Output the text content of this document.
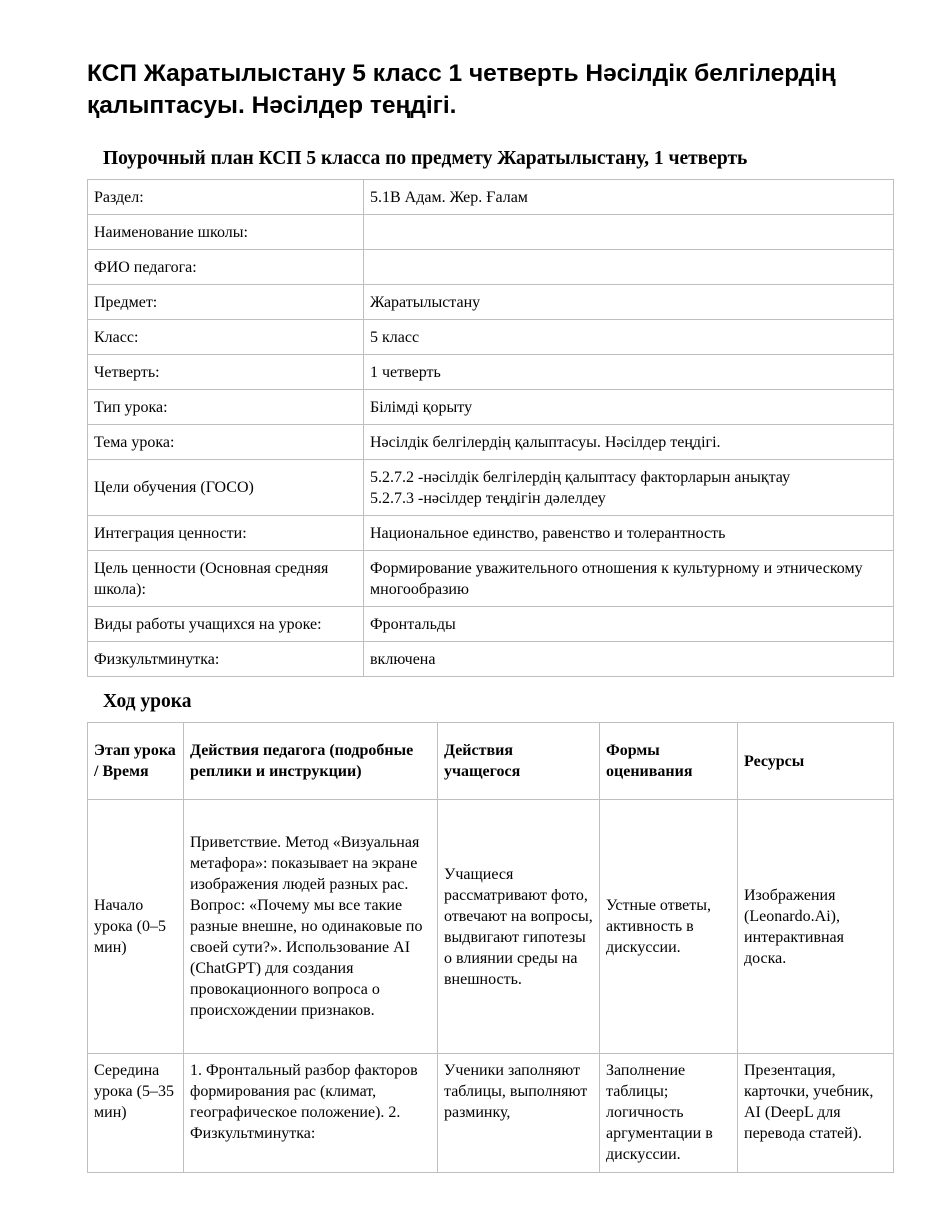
КСП Жаратылыстану 5 класс 1 четверть Нәсілдік белгілердің қалыптасуы. Нәсілдер теңдігі.
Поурочный план КСП 5 класса по предмету Жаратылыстану, 1 четверть
Раздел:	5.1В Адам. Жер. Ғалам
Наименование школы:	
ФИО педагога:	
Предмет:	Жаратылыстану
Класс:	5 класс
Четверть:	1 четверть
Тип урока:	Білімді қорыту
Тема урока:	Нәсілдік белгілердің қалыптасуы. Нәсілдер теңдігі.
Цели обучения (ГОСО)	5.2.7.2 -нәсілдік белгілердің қалыптасу факторларын анықтау
5.2.7.3 -нәсілдер теңдігін дәлелдеу

Интеграция ценности:	Национальное единство, равенство и толерантность
Цель ценности (Основная средняя школа):	Формирование уважительного отношения к культурному и этническому многообразию
Виды работы учащихся на уроке:	Фронтальды
Физкультминутка:	включена
Ход урока
Этап урока / Время	Действия педагога (подробные реплики и инструкции)	Действия учащегося	Формы оценивания	Ресурсы
Начало урока (0–5 мин)	Приветствие. Метод «Визуальная метафора»: показывает на экране изображения людей разных рас. Вопрос: «Почему мы все такие разные внешне, но одинаковые по своей сути?». Использование AI (ChatGPT) для создания провокационного вопроса о происхождении признаков.	Учащиеся рассматривают фото, отвечают на вопросы, выдвигают гипотезы о влиянии среды на внешность.	Устные ответы, активность в дискуссии.	Изображения (Leonardo.Ai), интерактивная доска.
Середина урока (5–35 мин)	1. Фронтальный разбор факторов формирования рас (климат, географическое положение). 2. Физкультминутка:	Ученики заполняют таблицы, выполняют разминку,	Заполнение таблицы; логичность аргументации в дискуссии.	Презентация, карточки, учебник, AI (DeepL для перевода статей).
